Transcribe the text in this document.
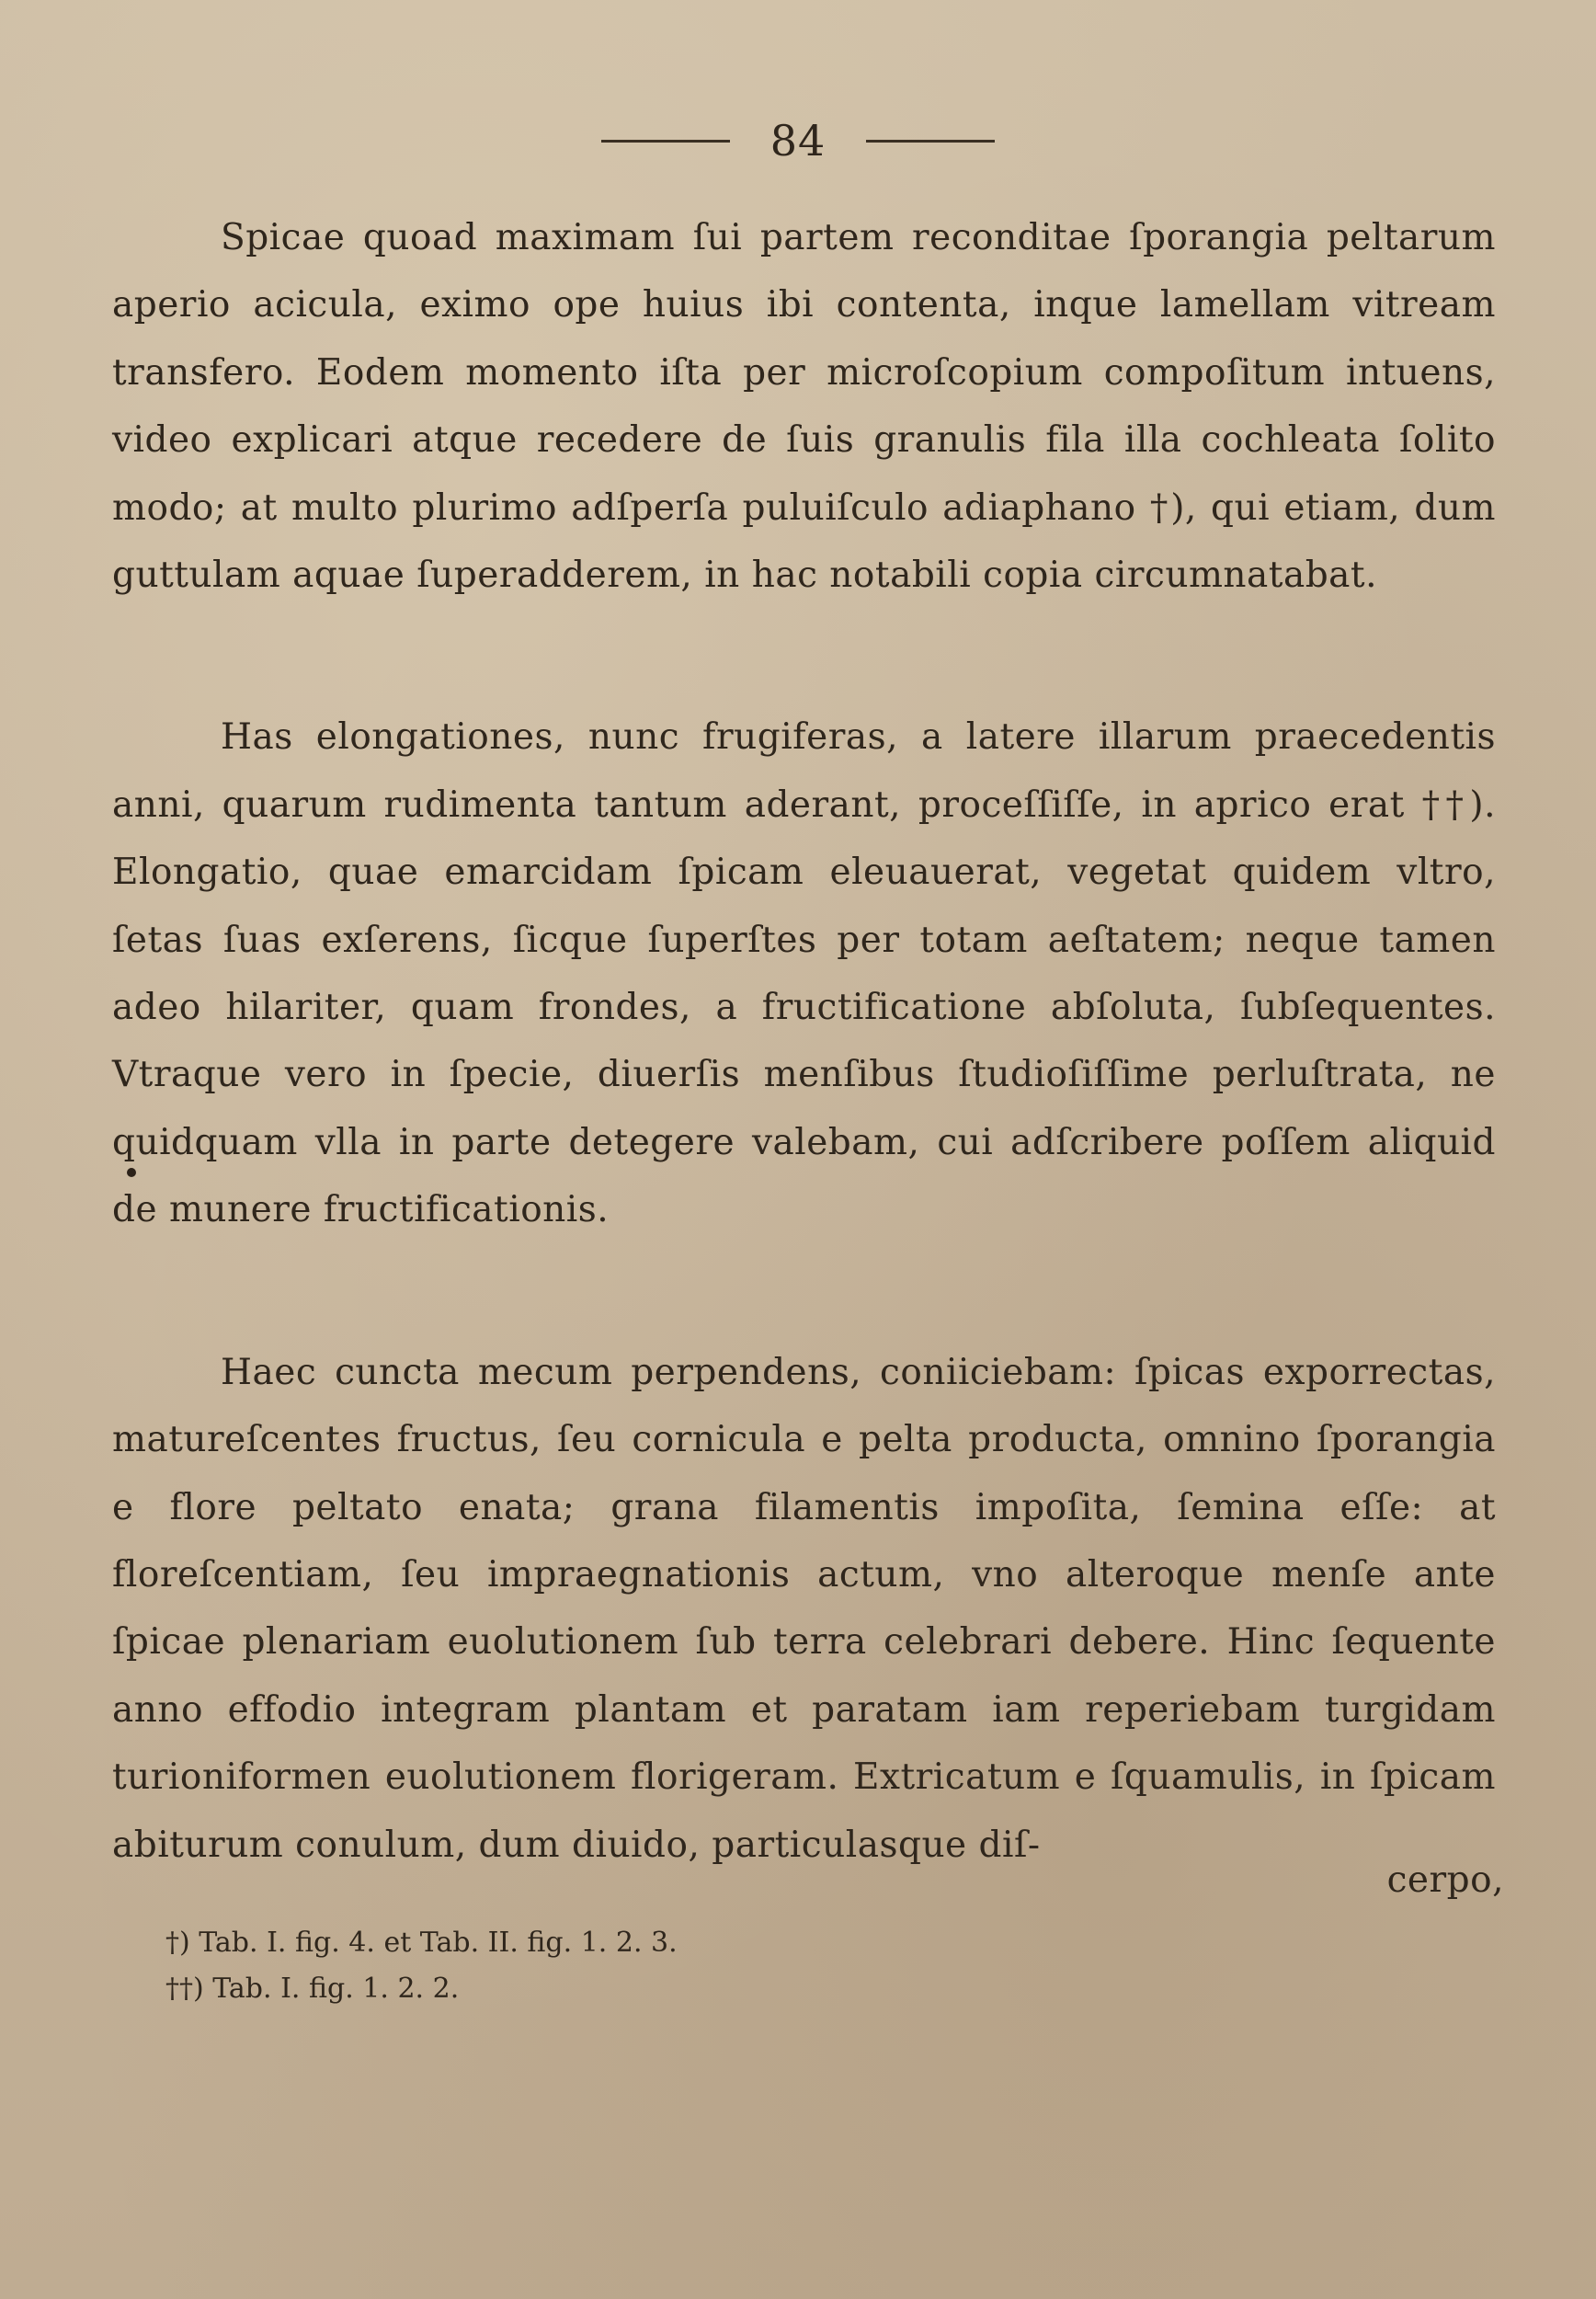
84

Spicae quoad maximam ſui partem reconditae ſporangia peltarum aperio acicula, eximo ope huius ibi contenta, inque lamellam vitream transfero. Eodem momento iſta per microſcopium compoſitum intuens, video explicari atque recedere de ſuis granulis fila illa cochleata ſolito modo; at multo plurimo adſperſa puluiſculo adiaphano †), qui etiam, dum guttulam aquae ſuperadderem, in hac notabili copia circumnatabat.

Has elongationes, nunc frugiferas, a latere illarum praecedentis anni, quarum rudimenta tantum aderant, proceſſiſſe, in aprico erat ††). Elongatio, quae emarcidam ſpicam eleuauerat, vegetat quidem vltro, ſetas ſuas exſerens, ſicque ſuperſtes per totam aeſtatem; neque tamen adeo hilariter, quam frondes, a fructificatione abſoluta, ſubſequentes. Vtraque vero in ſpecie, diuerſis menſibus ſtudioſiſſime perluſtrata, ne quidquam vlla in parte detegere valebam, cui adſcribere poſſem aliquid de munere fructificationis.

Haec cuncta mecum perpendens, coniiciebam: ſpicas exporrectas, matureſcentes fructus, ſeu cornicula e pelta producta, omnino ſporangia e flore peltato enata; grana filamentis impoſita, ſemina eſſe: at floreſcentiam, ſeu impraegnationis actum, vno alteroque menſe ante ſpicae plenariam euolutionem ſub terra celebrari debere. Hinc ſequente anno effodio integram plantam et paratam iam reperiebam turgidam turioniformen euolutionem florigeram. Extricatum e ſquamulis, in ſpicam abiturum conulum, dum diuido, particulasque diſ-

cerpo,
†) Tab. I. fig. 4. et Tab. II. fig. 1. 2. 3.
††) Tab. I. fig. 1. 2. 2.
